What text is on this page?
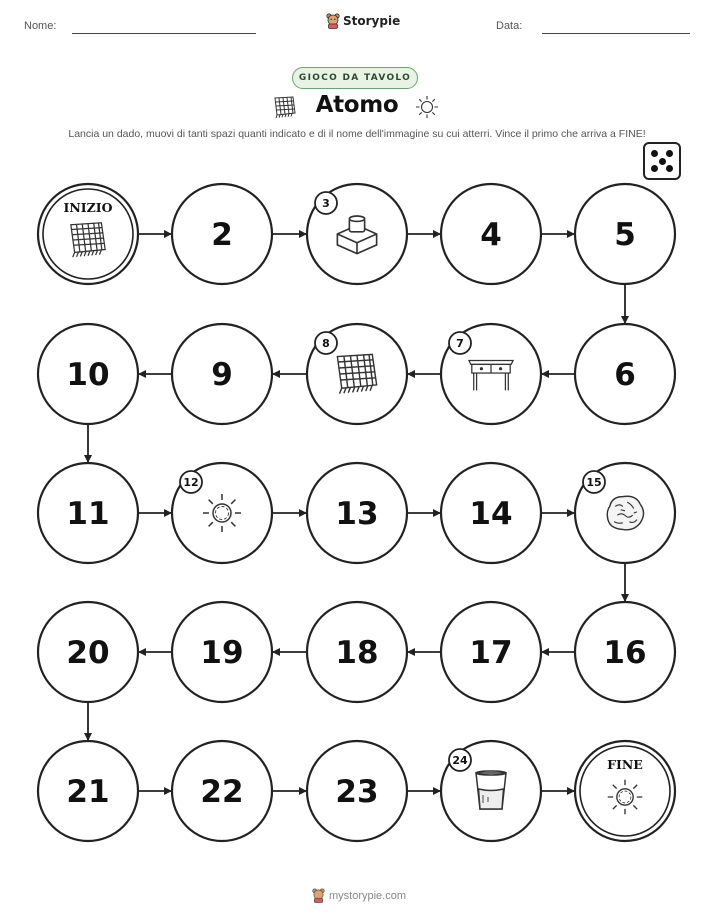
Nome:	Storypie	Data:
GIOCO DA TAVOLO
Atomo
Lancia un dado, muovi di tanti spazi quanti indicato e di il nome dell'immagine su cui atterri. Vince il primo che arriva a FINE!
INIZIO
2
3
4	5
6
7
8
9
10
11
12
13	14
15
16
17
18
19
20
21	22	23
24	FINE
mystorypie.com
